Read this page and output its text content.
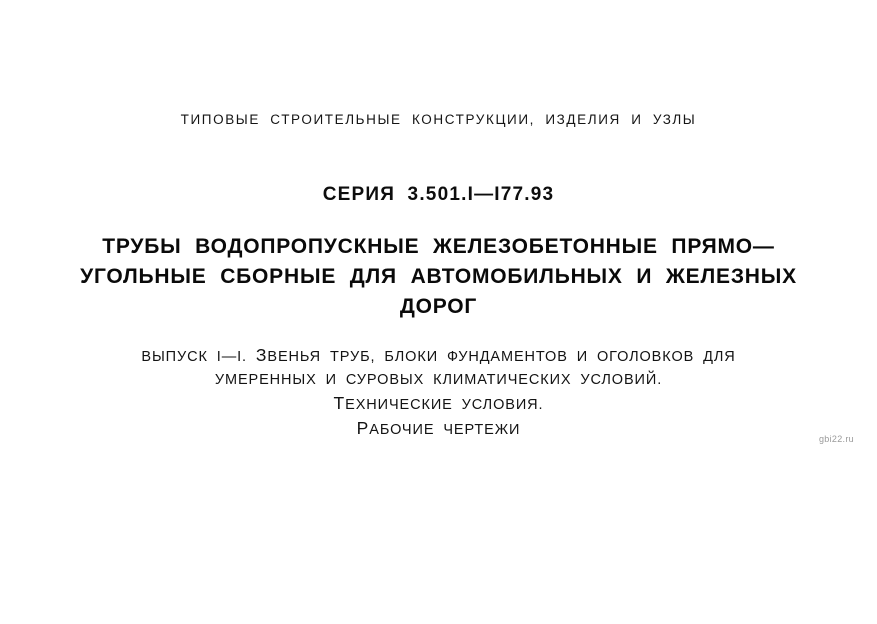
ТИПОВЫЕ СТРОИТЕЛЬНЫЕ КОНСТРУКЦИИ, ИЗДЕЛИЯ И УЗЛЫ
СЕРИЯ 3.501.I—I77.93
ТРУБЫ ВОДОПРОПУСКНЫЕ ЖЕЛЕЗОБЕТОННЫЕ ПРЯМО—
УГОЛЬНЫЕ СБОРНЫЕ ДЛЯ АВТОМОБИЛЬНЫХ И ЖЕЛЕЗНЫХ
ДОРОГ
ВЫПУСК I—I. ЗВЕНЬЯ ТРУБ, БЛОКИ ФУНДАМЕНТОВ И ОГОЛОВКОВ ДЛЯ
УМЕРЕННЫХ И СУРОВЫХ КЛИМАТИЧЕСКИХ УСЛОВИЙ.
ТЕХНИЧЕСКИЕ УСЛОВИЯ.
РАБОЧИЕ ЧЕРТЕЖИ
gbi22.ru
